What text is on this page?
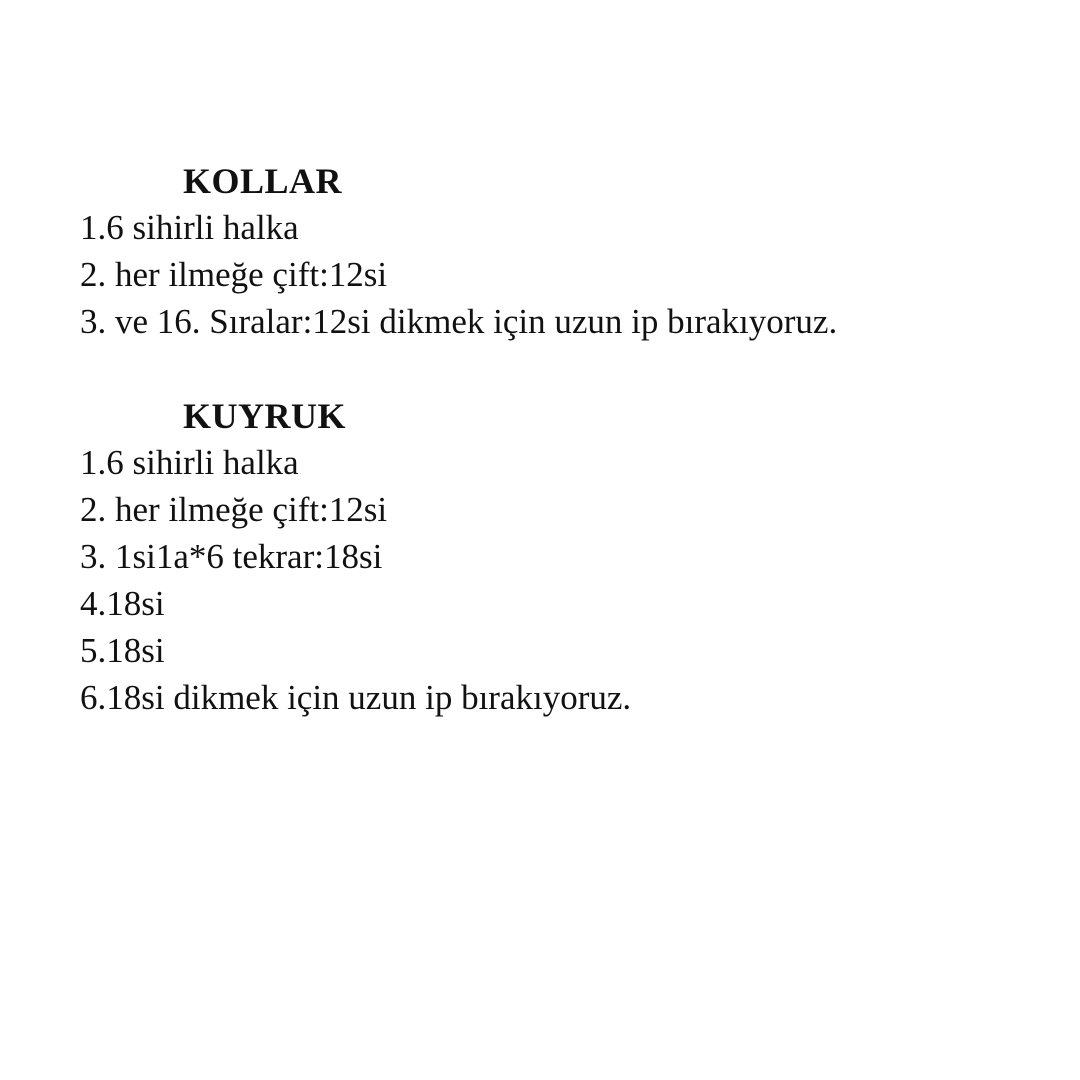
KOLLAR
1.6 sihirli halka
2. her ilmeğe çift:12si
3. ve 16. Sıralar:12si dikmek için uzun ip bırakıyoruz.
KUYRUK
1.6 sihirli halka
2. her ilmeğe çift:12si
3. 1si1a*6 tekrar:18si
4.18si
5.18si
6.18si dikmek için uzun ip bırakıyoruz.
